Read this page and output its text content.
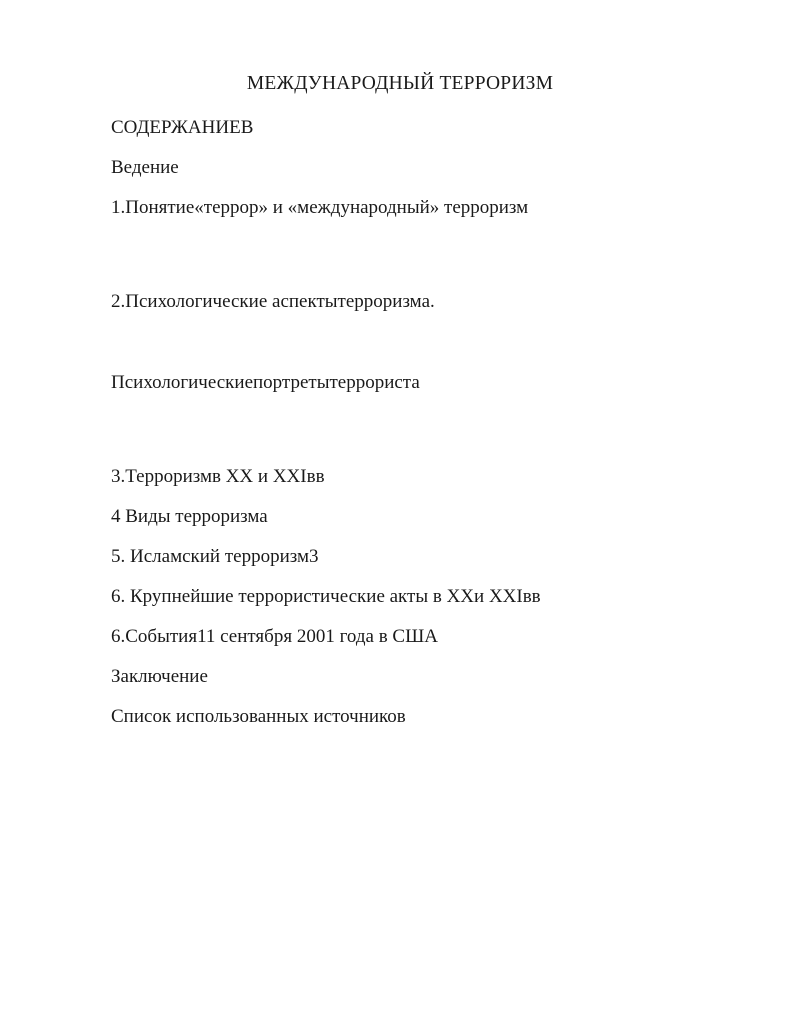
МЕЖДУНАРОДНЫЙ ТЕРРОРИЗМ

СОДЕРЖАНИЕВ

Ведение

1.Понятие«террор» и «международный» терроризм

2.Психологические аспектытерроризма.

Психологическиепортретытеррориста

3.Терроризмв XX и XXIвв

4 Виды терроризма

5. Исламский терроризм3

6. Крупнейшие террористические акты в XXи XXIвв

6.События11 сентября 2001 года в США

Заключение

Список использованных источников
